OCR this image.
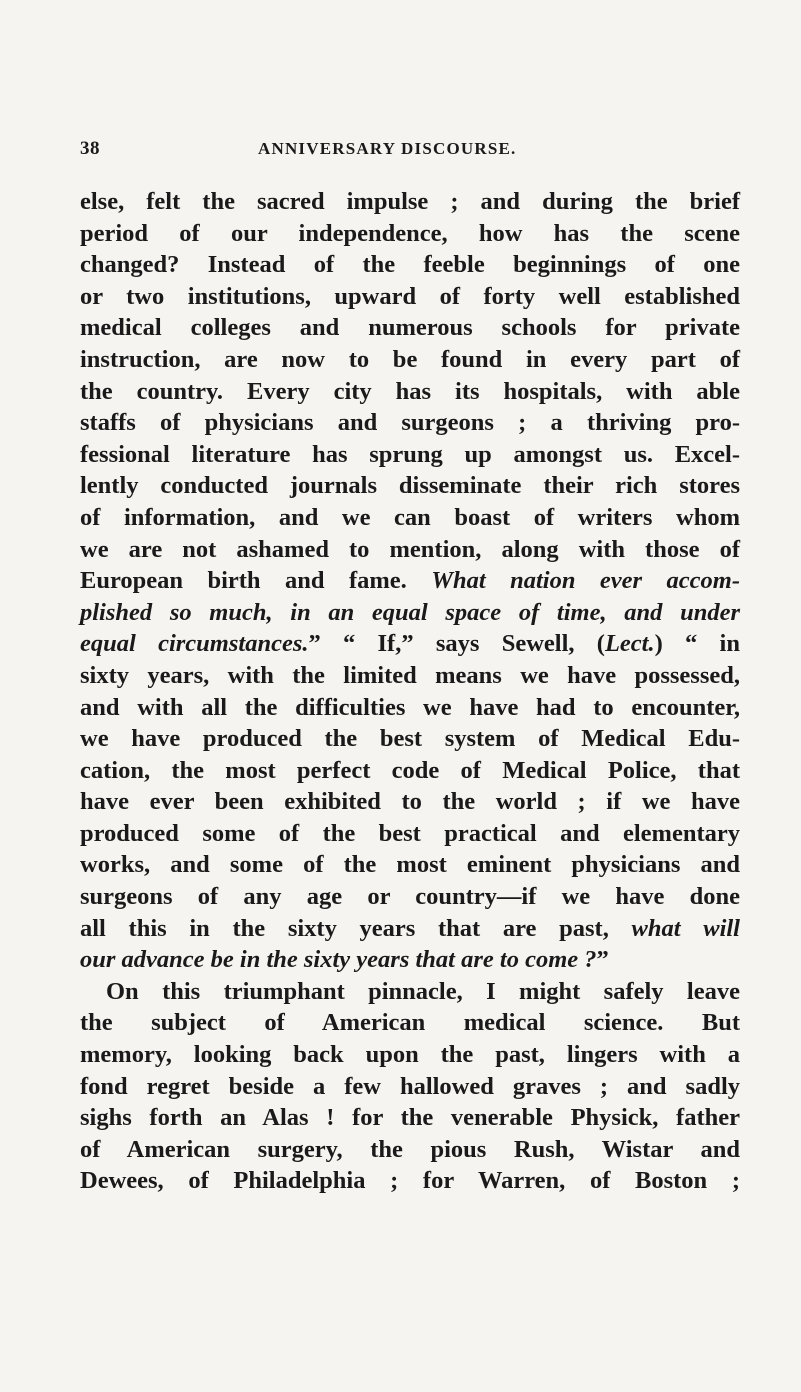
38	ANNIVERSARY DISCOURSE.
else, felt the sacred impulse ; and during the brief
period of our independence, how has the scene
changed? Instead of the feeble beginnings of one
or two institutions, upward of forty well established
medical colleges and numerous schools for private
instruction, are now to be found in every part of
the country. Every city has its hospitals, with able
staffs of physicians and surgeons ; a thriving pro-
fessional literature has sprung up amongst us. Excel-
lently conducted journals disseminate their rich stores
of information, and we can boast of writers whom
we are not ashamed to mention, along with those of
European birth and fame. What nation ever accom-
plished so much, in an equal space of time, and under
equal circumstances.” “ If,” says Sewell, (Lect.) “ in
sixty years, with the limited means we have possessed,
and with all the difficulties we have had to encounter,
we have produced the best system of Medical Edu-
cation, the most perfect code of Medical Police, that
have ever been exhibited to the world ; if we have
produced some of the best practical and elementary
works, and some of the most eminent physicians and
surgeons of any age or country—if we have done
all this in the sixty years that are past, what will
our advance be in the sixty years that are to come ?”
On this triumphant pinnacle, I might safely leave
the subject of American medical science. But
memory, looking back upon the past, lingers with a
fond regret beside a few hallowed graves ; and sadly
sighs forth an Alas ! for the venerable Physick, father
of American surgery, the pious Rush, Wistar and
Dewees, of Philadelphia ; for Warren, of Boston ;
